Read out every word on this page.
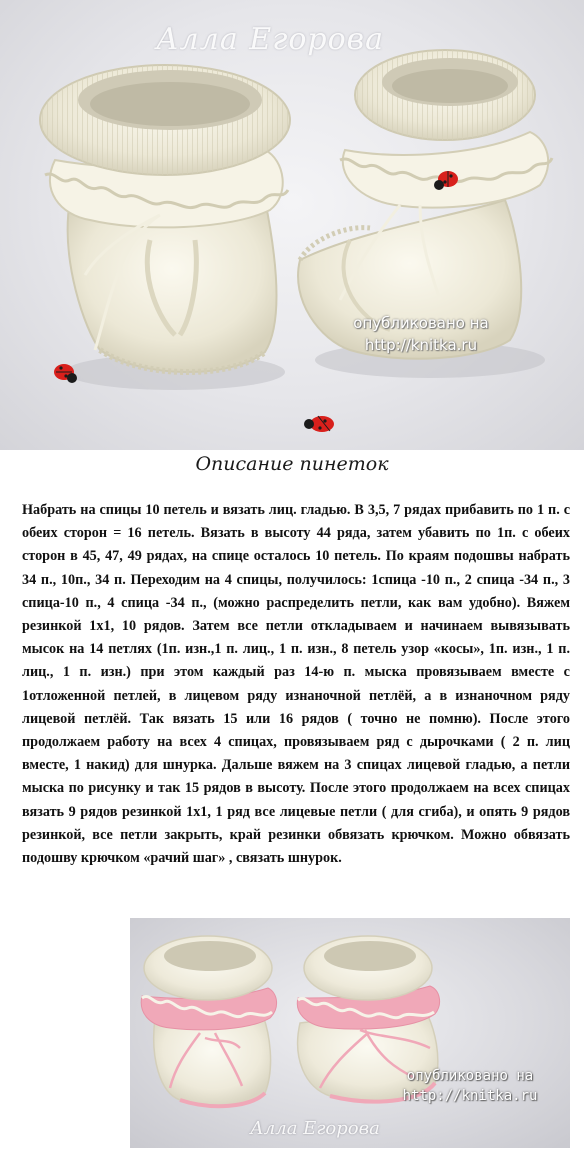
Алла Егорова
опубликовано на
http://knitka.ru
Описание пинеток

Набрать на спицы 10 петель и вязать лиц. гладью. В 3,5, 7 рядах прибавить по 1 п. с обеих сторон = 16 петель. Вязать в высоту 44 ряда, затем убавить по 1п. с обеих сторон в 45, 47, 49 рядах, на спице осталось 10 петель. По краям подошвы набрать 34 п., 10п., 34 п. Переходим на 4 спицы, получилось: 1спица -10 п., 2 спица -34 п., 3 спица-10 п., 4 спица -34 п., (можно распределить петли, как вам удобно). Вяжем резинкой 1х1, 10 рядов. Затем все петли откладываем и начинаем вывязывать мысок на 14 петлях (1п. изн.,1 п. лиц., 1 п. изн., 8 петель узор «косы», 1п. изн., 1 п. лиц., 1 п. изн.) при этом каждый раз 14-ю п. мыска провязываем вместе с 1отложенной петлей, в лицевом ряду изнаночной петлёй, а в изнаночном ряду лицевой петлёй. Так вязать 15 или 16 рядов ( точно не помню). После этого продолжаем работу на всех 4 спицах, провязываем ряд с дырочками ( 2 п. лиц вместе, 1 накид) для шнурка. Дальше вяжем на 3 спицах лицевой гладью, а петли мыска по рисунку и так 15 рядов в высоту. После этого продолжаем на всех спицах вязать 9 рядов резинкой 1х1, 1 ряд все лицевые петли ( для сгиба), и опять 9 рядов резинкой, все петли закрыть, край резинки обвязать крючком. Можно обвязать подошву крючком «рачий шаг» , связать шнурок.

Алла Егорова
опубликовано на
http://knitka.ru
